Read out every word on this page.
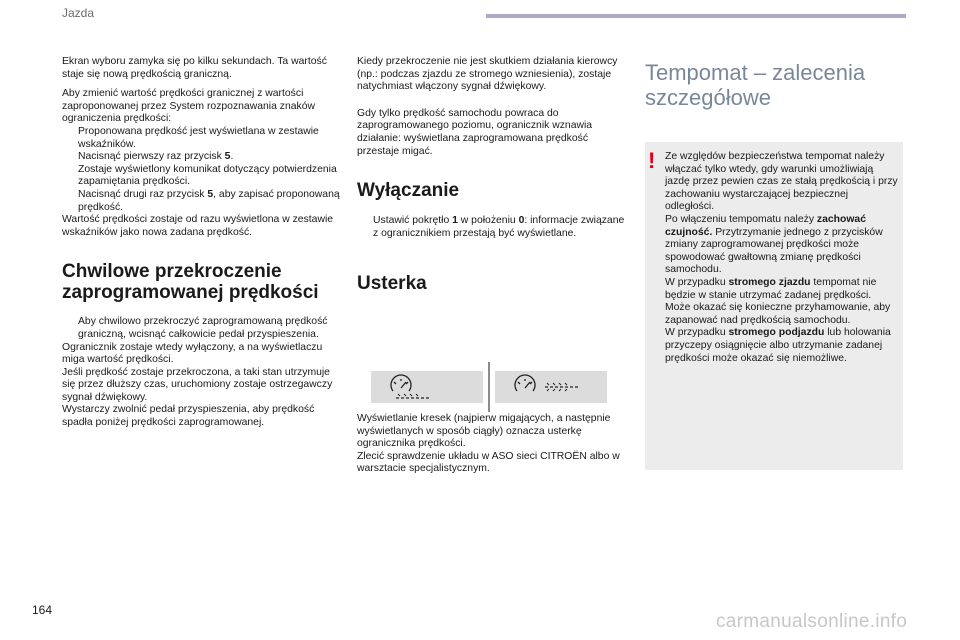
Jazda

Ekran wyboru zamyka się po kilku sekundach. Ta wartość staje się nową prędkością graniczną.

Aby zmienić wartość prędkości granicznej z wartości zaproponowanej przez System rozpoznawania znaków ograniczenia prędkości:
Proponowana prędkość jest wyświetlana w zestawie wskaźników.
Nacisnąć pierwszy raz przycisk 5.
Zostaje wyświetlony komunikat dotyczący potwierdzenia zapamiętania prędkości.
Nacisnąć drugi raz przycisk 5, aby zapisać proponowaną prędkość.
Wartość prędkości zostaje od razu wyświetlona w zestawie wskaźników jako nowa zadana prędkość.
Chwilowe przekroczenie zaprogramowanej prędkości
Aby chwilowo przekroczyć zaprogramowaną prędkość graniczną, wcisnąć całkowicie pedał przyspieszenia.
Ogranicznik zostaje wtedy wyłączony, a na wyświetlaczu miga wartość prędkości.
Jeśli prędkość zostaje przekroczona, a taki stan utrzymuje się przez dłuższy czas, uruchomiony zostaje ostrzegawczy sygnał dźwiękowy.
Wystarczy zwolnić pedał przyspieszenia, aby prędkość spadła poniżej prędkości zaprogramowanej.

Kiedy przekroczenie nie jest skutkiem działania kierowcy (np.: podczas zjazdu ze stromego wzniesienia), zostaje natychmiast włączony sygnał dźwiękowy.

Gdy tylko prędkość samochodu powraca do zaprogramowanego poziomu, ogranicznik wznawia działanie: wyświetlana zaprogramowana prędkość przestaje migać.

Wyłączanie
Ustawić pokrętło 1 w położeniu 0: informacje związane z ogranicznikiem przestają być wyświetlane.
Usterka
Wyświetlanie kresek (najpierw migających, a następnie wyświetlanych w sposób ciągły) oznacza usterkę ogranicznika prędkości.
Zlecić sprawdzenie układu w ASO sieci CITROËN albo w warsztacie specjalistycznym.
Tempomat – zalecenia szczegółowe
! Ze względów bezpieczeństwa tempomat należy włączać tylko wtedy, gdy warunki umożliwiają jazdę przez pewien czas ze stałą prędkością i przy zachowaniu wystarczającej bezpiecznej odległości.
Po włączeniu tempomatu należy zachować czujność. Przytrzymanie jednego z przycisków zmiany zaprogramowanej prędkości może spowodować gwałtowną zmianę prędkości samochodu.
W przypadku stromego zjazdu tempomat nie będzie w stanie utrzymać zadanej prędkości. Może okazać się konieczne przyhamowanie, aby zapanować nad prędkością samochodu.
W przypadku stromego podjazdu lub holowania przyczepy osiągnięcie albo utrzymanie zadanej prędkości może okazać się niemożliwe.
164
carmanualsonline.info
